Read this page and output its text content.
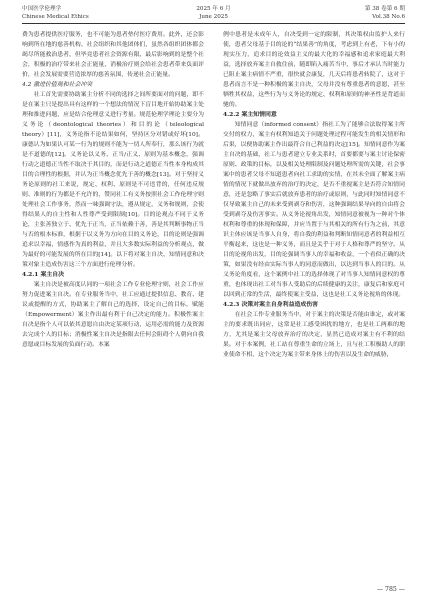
中国医学伦理学
Chinese Medical Ethics
2025 年 6 月
June 2025
第 38 卷第 6 期
Vol.38 No.6

费为患者提供医疗服务，也不可能为患者垫付医疗费用。此外，还会影响到所在地的慈善机构、社会组织和其他团体们，虽然各组织团体都会竭尽所能救治患者，但毕竟患者社会资源有限、最后影响到的是整个社会，积极的治疗带来社会正能量，消极治疗则会给社会患者带来负面评价，社会发展需要营造浓厚的慈善氛围，传递社会正能量。

4.2 激进价值观和社会冲突

社工首先需要协助案主分析不同的选择之间所要面对的问题，即不是在案主只是提出具有这样的一个想法的情况下盲目地开始协助案主处理和推进问题，应是结合伦理意义进行考量。规范伦理学理论主要分为义务论（deontological theories）和目的论（teleological theory）[11]，义务论指不论结果如何，坚持区分对错或好坏[10]。康德认为如果认可某一行为的规则不能为一切人所奉行，那么该行为就是不道德的[12]。义务论以义务、正当/正义、原则为基本概念，强调行动之道德正当性不取决于其目的，而是行动之道德正当性本身构成其目的合理性的根据，并认为正当概念优先于善的概念[13]。对于坚持义务论原则的社工来说，规定、权利、原则是不可违背的，任何违反规则、准则的行为都是不允许的，赞同社工有义务按照社会工作伦理守则处理社会工作事务，然而一味强调守法，遵从规定，义务和规则，会使得结果人的自主性和人性尊严受到限制[10]。目的论观点不同于义务论，主张善独立于、优先于正当，正当依赖于善，善是其判断事物正当与否的根本标准，根据于以义务为方向在目的义务论，目的论则是强调追求以幸福，情感作为真的利益，并且大多数实际利益的分析观点，做为最好的可能发展的所在目的[14]。以下将对案主自决、知情同意和决策对象主造成伤害这三个方面进行伦理分析。

4.2.1 案主自决

案主自决是被高度认同的一项社会工作专业伦理守则，社会工作应努力促进案主自决。在专业服务当中，社工应通过提供信息、教育、建议或提醒的方式，协助案主了解自己的选择，设定自己的目标，赋能（Empowerment）案主作出最有利于自己决定的能力。积极性案主自决是指个人可以依其意愿自由决定某项行动，运用必需的能力及资源去完成个人的目标；消极性案主自决是指限去任何会阻碍个人朝向自我意愿或目标发展的负面行动。本案

例中患者是未成年人，自决受到一定的限制，其决策权由监护人来行使，患者父母基于目的论的“结果善”的角度，考虑到上有老，下有小的现实压力，追求目的论效益主义的最大化的幸福感和追求家庭最大利益，选择放弃案主自救住前，随即陷入痛苦当中，事后才承认当时能力已阻止案主病情不严重，很快就会康复，几天后将患者转院了，这对于患者而言不是一种积极的案主自决，父母并没有尊重患者的意愿，甚至牺牲其权益，这些行为与义务论的规定、权利和原则的神圣性是背道而驰的。

4.2.2 案主知情同意

知情同意（informed consent）指社工为了能够合法取得案主所交付的权力，案主有权利知道关于问题处理过程可能发生的相关情形和后果，以便协助案主作出最符合自己利益的决定[15]。知情同意作为案主自决的基础，社工与患者建立专业关系时，首要都要与案主讨论保密原则、政策的目标，以及相关处理限制及问题处理所需的关键，社会事案中的患者父母不知道患者向社工求助的实情，在其未全面了解案主病情的情况下就做出放弃的治疗的决定，是否不重视案主是否符合知情同意，还是忽略了事实后就放弃患者的治疗或原则，与此同时知情同意不仅导致案主自己的未来受到剥夺和伤害，这种强调结果导向的自由将会受到剥夺及伤害事实。从义务论视角出发，知情同意被视为一种对个体权利和尊重的体现和保障，并应当置于与其相关的所有行为之前，其意识主体应该是当事人自身，将自我的利益和判断知情同意者的利益相互平衡起来，这也是一种义务，而且是关乎于对于人格和尊严的坚守。从目的论视角出发，目的论强调当事人的幸福和收益，一个看似正确的决策，如果没有经由实际当事人的同意而做出，以达到当事人的目的。从义务论角度看，这个案例中社工的选择体现了对当事人知情同意权的尊重，也体现出社工对当事人受助后的后续健康的关注，康复后和家庭可以回到正常的生活，最终使案主受益，这也是社工义务论视角的体现。

4.2.3 决策对案主自身利益造成伤害

在社会工作专业服务当中，对于案主的决策是否能由谁定，或对案主的要求既出同应，这常是社工感受困扰的地方，也是社工两难的地方，尤其是案主父母放弃治疗的决定，显然已造成对案主有不利的结果。对于本案例，社工站在尊重生命的立场上，且与社工积极助人的职业使命不相，这个决定为案主带来身体上的伤害以及生命的威胁，

— 785 —
